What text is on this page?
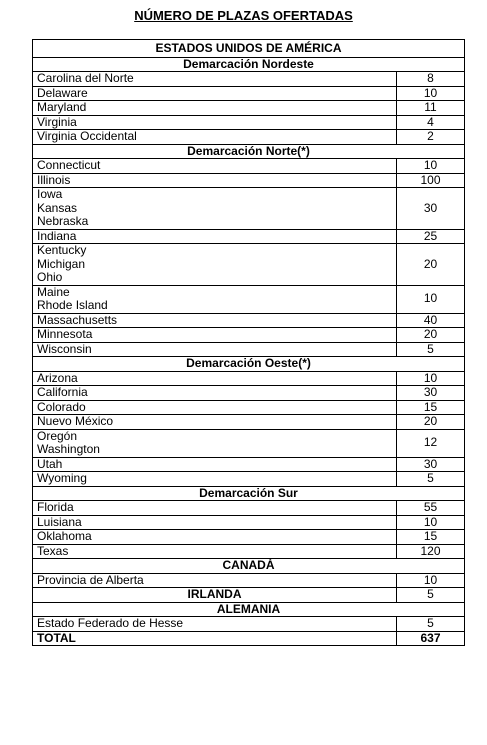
NÚMERO DE PLAZAS OFERTADAS
ESTADOS UNIDOS DE AMÉRICA	
Demarcación Nordeste	

Carolina del Norte	8

Delaware	10

Maryland	11

Virginia	4

Virginia Occidental	2
Demarcación Norte(*)	

Connecticut	10

Illinois	100

Iowa
Kansas
Nebraska	30

Indiana	25

Kentucky
Michigan
Ohio	20

Maine
Rhode Island	10

Massachusetts	40

Minnesota	20

Wisconsin	5
Demarcación Oeste(*)	

Arizona	10

California	30

Colorado	15

Nuevo México	20

Oregón
Washington	12

Utah	30

Wyoming	5
Demarcación Sur	

Florida	55

Luisiana	10

Oklahoma	15

Texas	120
CANADÁ	

Provincia de Alberta	10
IRLANDA	5
ALEMANIA	

Estado Federado de Hesse	5
TOTAL	637
